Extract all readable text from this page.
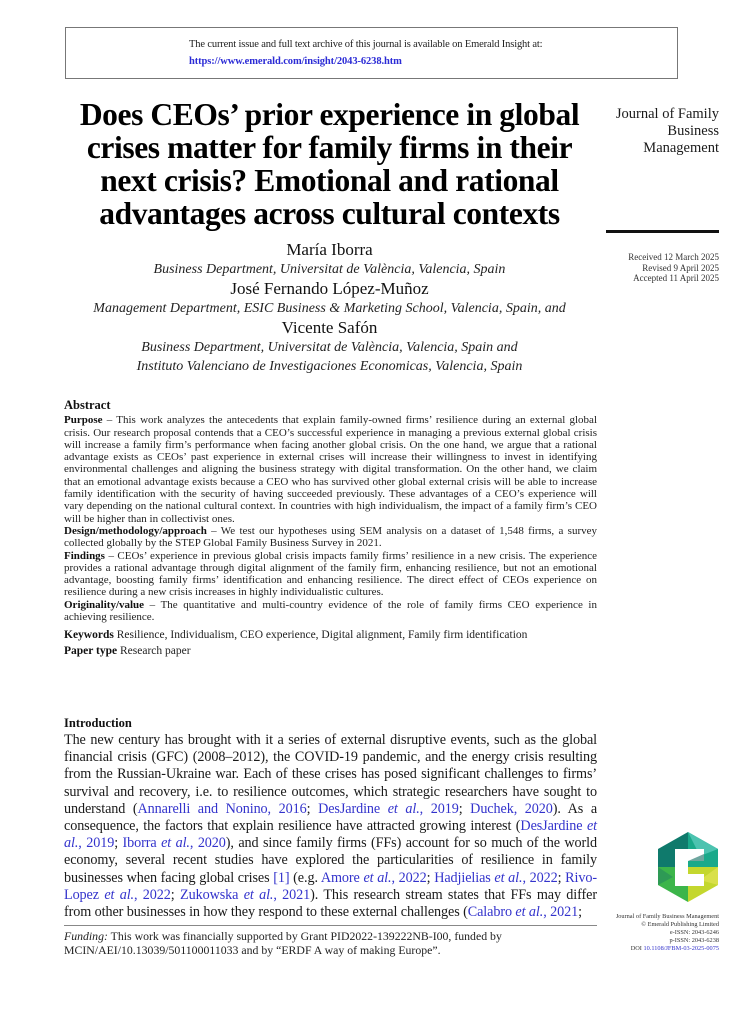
The current issue and full text archive of this journal is available on Emerald Insight at:
https://www.emerald.com/insight/2043-6238.htm
Does CEOs’ prior experience in global crises matter for family firms in their next crisis? Emotional and rational advantages across cultural contexts
Journal of Family
Business
Management
Received 12 March 2025
Revised 9 April 2025
Accepted 11 April 2025
María Iborra
Business Department, Universitat de València, Valencia, Spain
José Fernando López-Muñoz
Management Department, ESIC Business & Marketing School, Valencia, Spain, and
Vicente Safón
Business Department, Universitat de València, Valencia, Spain and
Instituto Valenciano de Investigaciones Economicas, Valencia, Spain
Abstract

Purpose – This work analyzes the antecedents that explain family-owned firms’ resilience during an external global crisis. Our research proposal contends that a CEO’s successful experience in managing a previous external global crisis will increase a family firm’s performance when facing another global crisis. On the one hand, we argue that a rational advantage exists as CEOs’ past experience in external crises will increase their willingness to invest in identifying environmental challenges and aligning the business strategy with digital transformation. On the other hand, we claim that an emotional advantage exists because a CEO who has survived other global external crisis will be able to increase family identification with the security of having succeeded previously. These advantages of a CEO’s experience will vary depending on the national cultural context. In countries with high individualism, the impact of a family firm’s CEO will be higher than in collectivist ones.

Design/methodology/approach – We test our hypotheses using SEM analysis on a dataset of 1,548 firms, a survey collected globally by the STEP Global Family Business Survey in 2021.

Findings – CEOs’ experience in previous global crisis impacts family firms’ resilience in a new crisis. The experience provides a rational advantage through digital alignment of the family firm, enhancing resilience, but not an emotional advantage, boosting family firms’ identification and enhancing resilience. The direct effect of CEOs experience on resilience during a new crisis increases in highly individualistic cultures.

Originality/value – The quantitative and multi-country evidence of the role of family firms CEO experience in achieving resilience.

Keywords Resilience, Individualism, CEO experience, Digital alignment, Family firm identification

Paper type Research paper

Introduction

The new century has brought with it a series of external disruptive events, such as the global financial crisis (GFC) (2008–2012), the COVID-19 pandemic, and the energy crisis resulting from the Russian-Ukraine war. Each of these crises has posed significant challenges to firms’ survival and recovery, i.e. to resilience outcomes, which strategic researchers have sought to understand (Annarelli and Nonino, 2016; DesJardine et al., 2019; Duchek, 2020). As a consequence, the factors that explain resilience have attracted growing interest (DesJardine et al., 2019; Iborra et al., 2020), and since family firms (FFs) account for so much of the world economy, several recent studies have explored the particularities of resilience in family businesses when facing global crises [1] (e.g. Amore et al., 2022; Hadjielias et al., 2022; Rivo-Lopez et al., 2022; Zukowska et al., 2021). This research stream states that FFs may differ from other businesses in how they respond to these external challenges (Calabro et al., 2021;

Funding: This work was financially supported by Grant PID2022-139222NB-I00, funded by MCIN/AEI/10.13039/501100011033 and by “ERDF A way of making Europe”.
Journal of Family Business Management
© Emerald Publishing Limited
e-ISSN: 2043-6246
p-ISSN: 2043-6238
DOI 10.1108/JFBM-03-2025-0075
